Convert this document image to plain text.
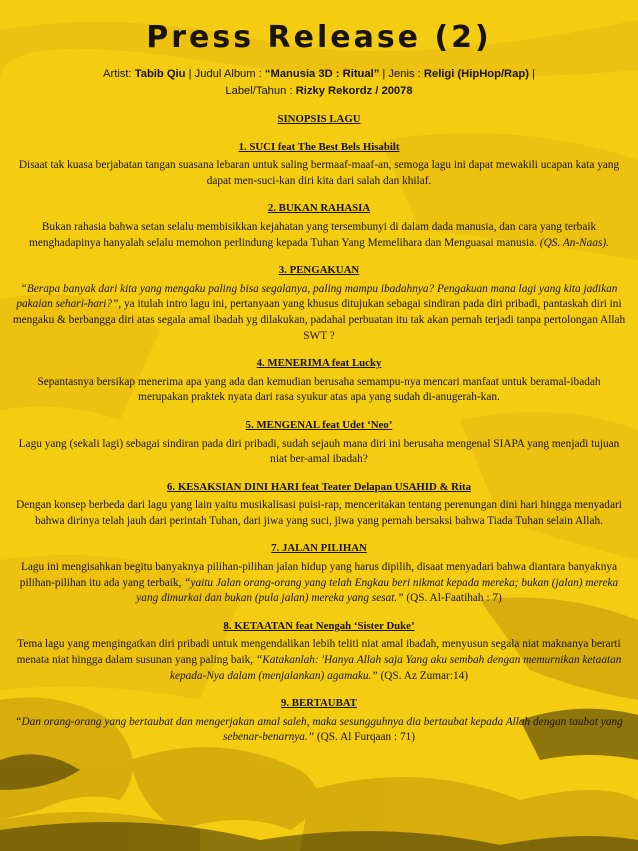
Press Release (2)
Artist: Tabib Qiu | Judul Album : “Manusia 3D : Ritual” | Jenis : Religi (HipHop/Rap) |
Label/Tahun : Rizky Rekordz / 20078
SINOPSIS LAGU
1. SUCI feat The Best Bels Hisabilt

Disaat tak kuasa berjabatan tangan suasana lebaran untuk saling bermaaf-maaf-an, semoga lagu ini dapat mewakili ucapan kata yang dapat men-suci-kan diri kita dari salah dan khilaf.

2. BUKAN RAHASIA

Bukan rahasia bahwa setan selalu membisikkan kejahatan yang tersembunyi di dalam dada manusia, dan cara yang terbaik menghadapinya hanyalah selalu memohon perlindung kepada Tuhan Yang Memelihara dan Menguasai manusia. (QS. An-Naas).

3. PENGAKUAN

“Berapa banyak dari kita yang mengaku paling bisa segalanya, paling mampu ibadahnya? Pengakuan mana lagi yang kita jadikan pakaian sehari-hari?”, ya itulah intro lagu ini, pertanyaan yang khusus ditujukan sebagai sindiran pada diri pribadi, pantaskah diri ini mengaku & berbangga diri atas segala amal ibadah yg dilakukan, padahal perbuatan itu tak akan pernah terjadi tanpa pertolongan Allah SWT ?

4. MENERIMA feat Lucky

Sepantasnya bersikap menerima apa yang ada dan kemudian berusaha semampu-nya mencari manfaat untuk beramal-ibadah merupakan praktek nyata dari rasa syukur atas apa yang sudah di-anugerah-kan.

5. MENGENAL feat Udet ‘Neo’

Lagu yang (sekali lagi) sebagai sindiran pada diri pribadi, sudah sejauh mana diri ini berusaha mengenal SIAPA yang menjadi tujuan niat ber-amal ibadah?

6. KESAKSIAN DINI HARI feat Teater Delapan USAHID & Rita

Dengan konsep berbeda dari lagu yang lain yaitu musikalisasi puisi-rap, menceritakan tentang perenungan dini hari hingga menyadari bahwa dirinya telah jauh dari perintah Tuhan, dari jiwa yang suci, jiwa yang pernah bersaksi bahwa Tiada Tuhan selain Allah.

7. JALAN PILIHAN

Lagu ini mengisahkan begitu banyaknya pilihan-pilihan jalan hidup yang harus dipilih, disaat menyadari bahwa diantara banyaknya pilihan-pilihan itu ada yang terbaik, “yaitu Jalan orang-orang yang telah Engkau beri nikmat kepada mereka; bukan (jalan) mereka yang dimurkai dan bukan (pula jalan) mereka yang sesat.” (QS. Al-Faatihah : 7)

8. KETAATAN feat Nengah ‘Sister Duke’

Tema lagu yang mengingatkan diri pribadi untuk mengendalikan lebih teliti niat amal ibadah, menyusun segala niat maknanya berarti menata niat hingga dalam susunan yang paling baik, “Katakanlah: 'Hanya Allah saja Yang aku sembah dengan memurnikan ketaatan kepada-Nya dalam (menjalankan) agamaku.” (QS. Az Zumar:14)

9. BERTAUBAT

“Dan orang-orang yang bertaubat dan mengerjakan amal saleh, maka sesungguhnya dia bertaubat kepada Allah dengan taubat yang sebenar-benarnya.” (QS. Al Furqaan : 71)
